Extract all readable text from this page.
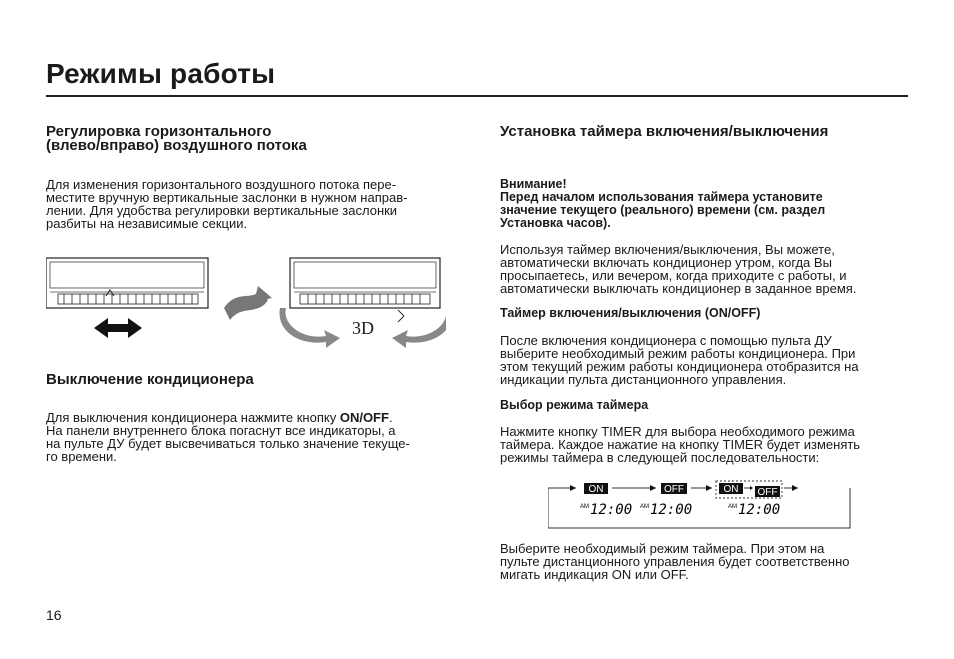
Режимы работы
Регулировка горизонтального
(влево/вправо) воздушного потока

Для изменения горизонтального воздушного потока пере-

местите вручную вертикальные заслонки в нужном направ-

лении. Для удобства регулировки вертикальные заслонки

разбиты на независимые секции.

3D
Выключение кондиционера

Для выключения кондиционера нажмите кнопку ON/OFF.

На панели внутреннего блока погаснут все индикаторы, а

на пульте ДУ будет высвечиваться только значение текуще-

го времени.

16
Установка таймера включения/выключения

Внимание!

Перед началом использования таймера установите

значение текущего (реального) времени (см. раздел

Установка часов).

Используя таймер включения/выключения, Вы можете,

автоматически включать кондиционер утром, когда Вы

просыпаетесь, или вечером, когда приходите с работы, и

автоматически выключать кондиционер в заданное время.

Таймер включения/выключения (ON/OFF)

После включения кондиционера с помощью пульта ДУ

выберите необходимый режим работы кондиционера. При

этом текущий режим работы кондиционера отобразится на

индикации пульта дистанционного управления.

Выбор режима таймера

Нажмите кнопку TIMER для выбора необходимого режима

таймера. Каждое нажатие на кнопку TIMER будет изменять

режимы таймера в следующей последовательности:

ON	OFF	ON OFF
AM 12:00 AM 12:00	AM 12:00

Выберите необходимый режим таймера. При этом на

пульте дистанционного управления будет соответственно

мигать индикация ON или OFF.
